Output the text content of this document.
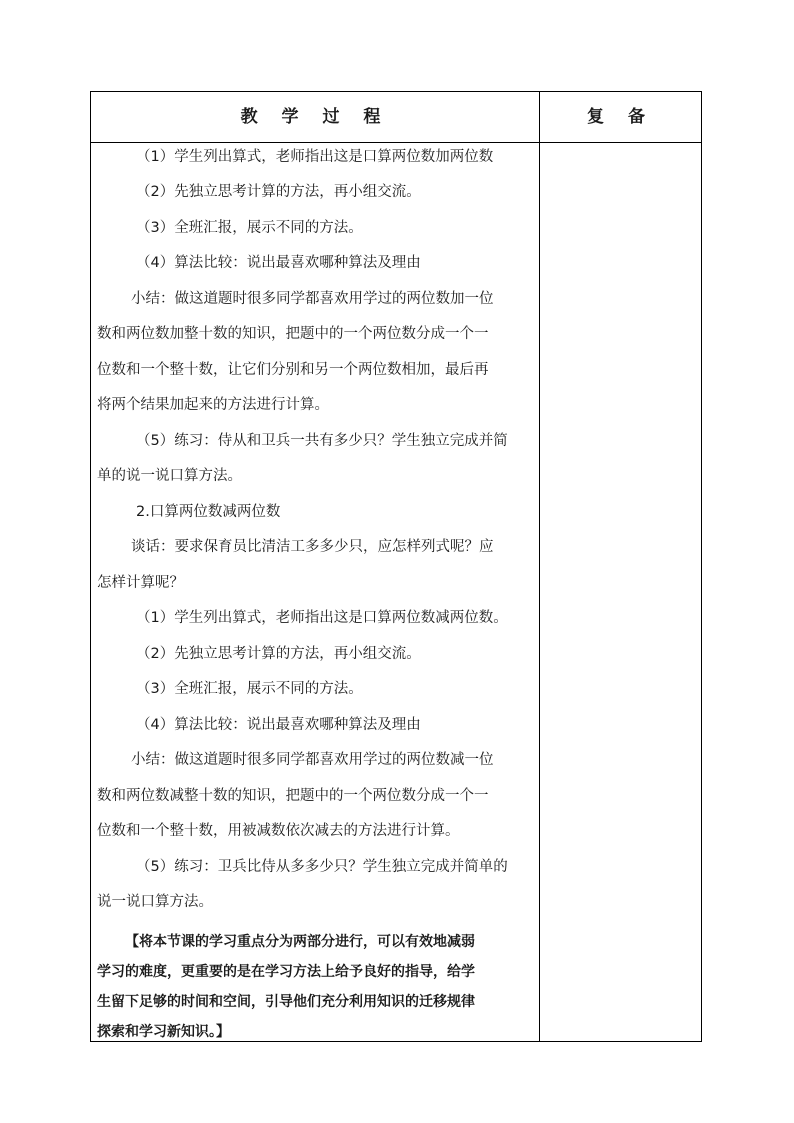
教 学 过 程	复 备
（1）学生列出算式，老师指出这是口算两位数加两位数
（2）先独立思考计算的方法，再小组交流。
（3）全班汇报，展示不同的方法。
（4）算法比较：说出最喜欢哪种算法及理由
小结：做这道题时很多同学都喜欢用学过的两位数加一位
数和两位数加整十数的知识，把题中的一个两位数分成一个一
位数和一个整十数，让它们分别和另一个两位数相加，最后再
将两个结果加起来的方法进行计算。
（5）练习：侍从和卫兵一共有多少只？学生独立完成并简
单的说一说口算方法。
2.口算两位数减两位数
谈话：要求保育员比清洁工多多少只，应怎样列式呢？应
怎样计算呢？
（1）学生列出算式，老师指出这是口算两位数减两位数。
（2）先独立思考计算的方法，再小组交流。
（3）全班汇报，展示不同的方法。
（4）算法比较：说出最喜欢哪种算法及理由
小结：做这道题时很多同学都喜欢用学过的两位数减一位
数和两位数减整十数的知识，把题中的一个两位数分成一个一
位数和一个整十数，用被减数依次减去的方法进行计算。
（5）练习：卫兵比侍从多多少只？学生独立完成并简单的
说一说口算方法。
【将本节课的学习重点分为两部分进行，可以有效地减弱
学习的难度，更重要的是在学习方法上给予良好的指导，给学
生留下足够的时间和空间，引导他们充分利用知识的迁移规律
探索和学习新知识。】
